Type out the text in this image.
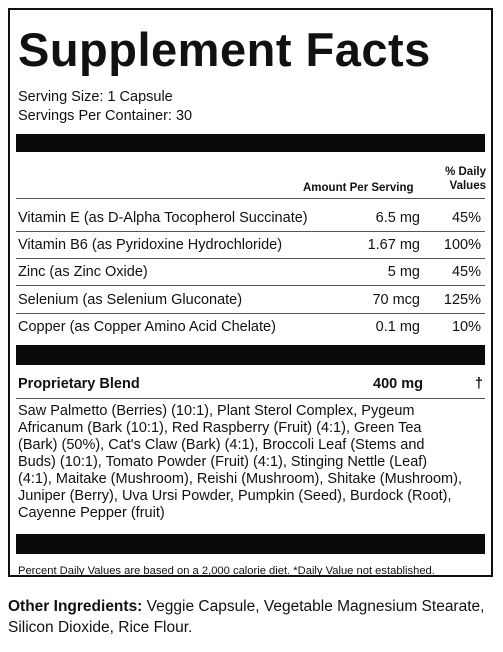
Supplement Facts
Serving Size: 1 Capsule
Servings Per Container: 30
Amount Per Serving
% Daily
Values
Vitamin E (as D-Alpha Tocopherol Succinate)	6.5 mg 45%
Vitamin B6 (as Pyridoxine Hydrochloride)	1.67 mg 100%
Zinc (as Zinc Oxide)	5 mg 45%
Selenium (as Selenium Gluconate)	70 mcg 125%
Copper (as Copper Amino Acid Chelate)	0.1 mg 10%
Proprietary Blend	400 mg	†
Saw Palmetto (Berries) (10:1), Plant Sterol Complex, Pygeum
Africanum (Bark (10:1), Red Raspberry (Fruit) (4:1), Green Tea
(Bark) (50%), Cat's Claw (Bark) (4:1), Broccoli Leaf (Stems and
Buds) (10:1), Tomato Powder (Fruit) (4:1), Stinging Nettle (Leaf)
(4:1), Maitake (Mushroom), Reishi (Mushroom), Shitake (Mushroom),
Juniper (Berry), Uva Ursi Powder, Pumpkin (Seed), Burdock (Root),
Cayenne Pepper (fruit)
Percent Daily Values are based on a 2,000 calorie diet. *Daily Value not established.
Other Ingredients: Veggie Capsule, Vegetable Magnesium Stearate, Silicon Dioxide, Rice Flour.
